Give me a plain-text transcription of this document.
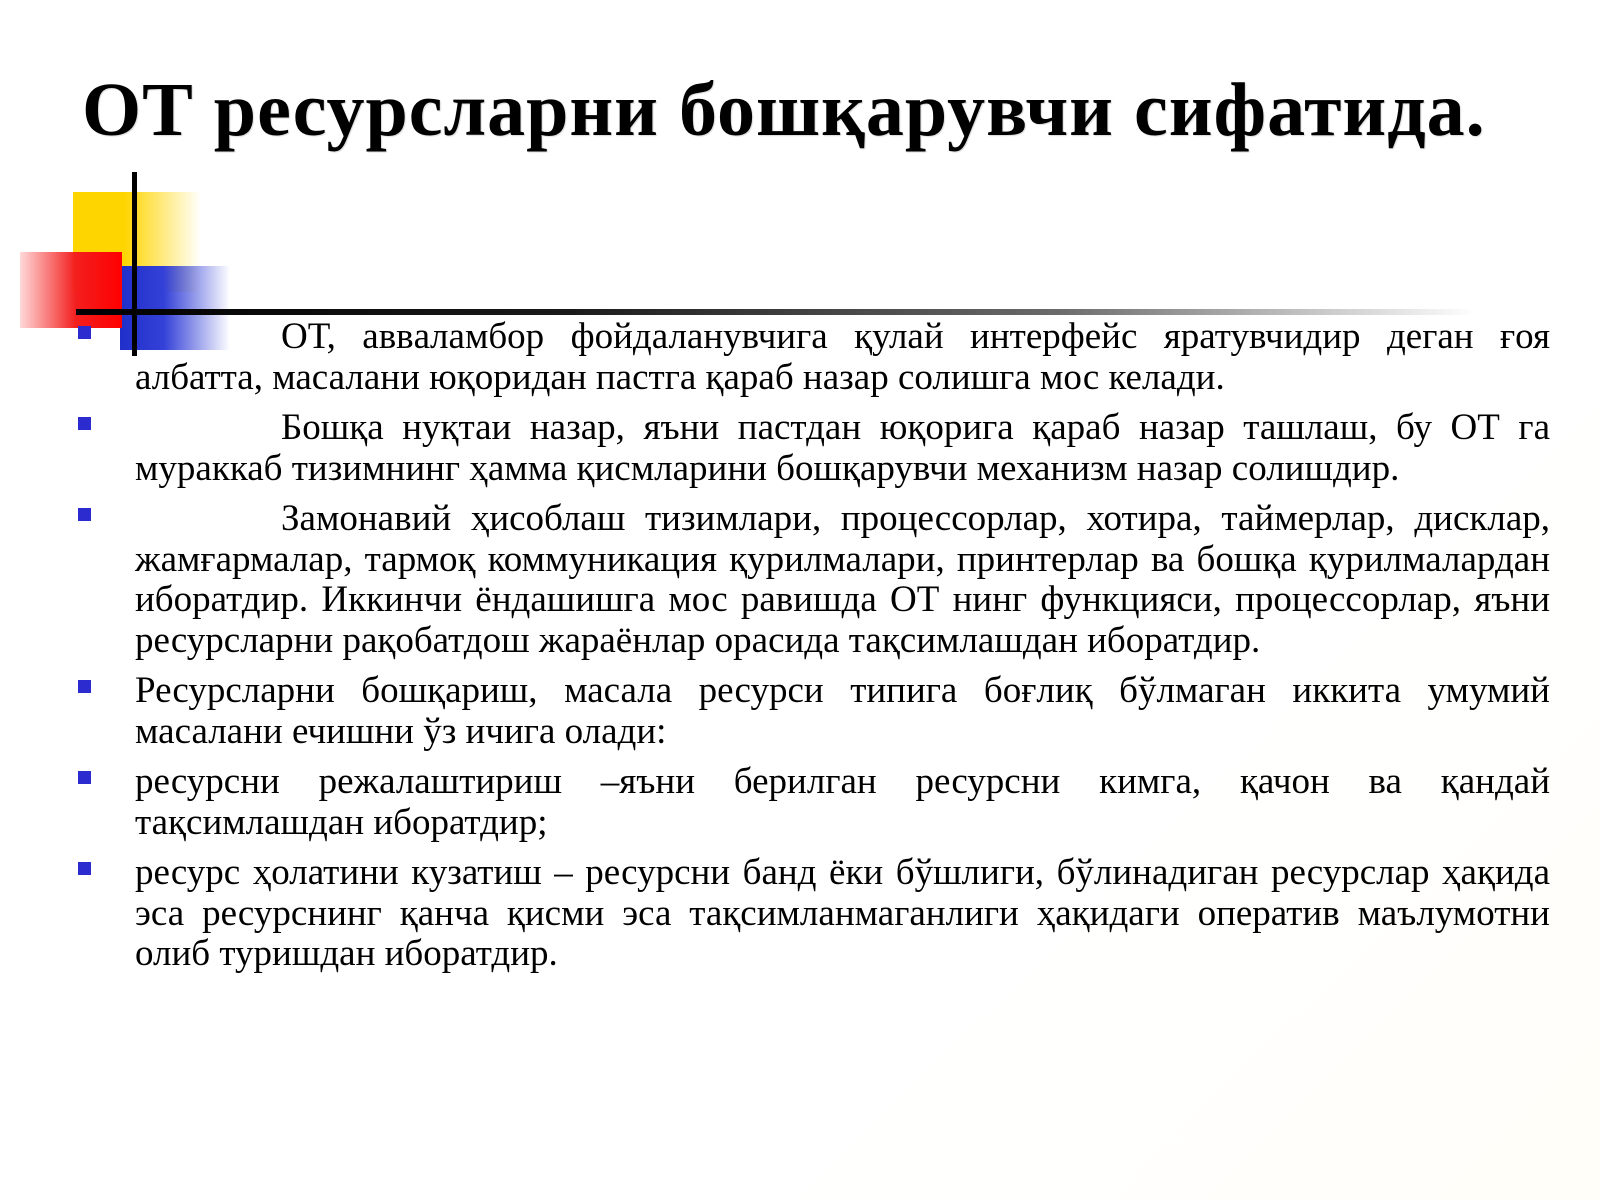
ОТ ресурсларни бошқарувчи сифатида.
ОТ, аввaламбор фойдаланувчига қулай интерфейс яратувчидир деган ғоя албатта, масалани юқоридан пастга қараб назар солишга мос келади.
Бошқа нуқтаи назар, яъни пастдан юқорига қараб назар ташлаш, бу ОТ га мураккаб тизимнинг ҳамма қисмларини бошқарувчи механизм назар солишдир.
Замонавий ҳисоблаш тизимлари, процессорлар, хотира, таймерлар, дисклар, жамғармалар, тармоқ коммуникация қурилмалари, принтерлар ва бошқа қурилмалардан иборатдир. Иккинчи ёндашишга мос равишда ОТ нинг функцияси, процессорлар, яъни ресурсларни рақобатдош жараёнлар орасида тақсимлашдан иборатдир.
Ресурсларни бошқариш, масала ресурси типига боғлиқ бўлмаган иккита умумий масалани ечишни ўз ичига олади:
ресурсни режалаштириш –яъни берилган ресурсни кимга, қачон ва қандай тақсимлашдан иборатдир;
ресурс ҳолатини кузатиш – ресурсни банд ёки бўшлиги, бўлинадиган ресурслар ҳақида эса ресурснинг қанча қисми эса тақсимланмаганлиги ҳақидаги оператив маълумотни олиб туришдан иборатдир.
